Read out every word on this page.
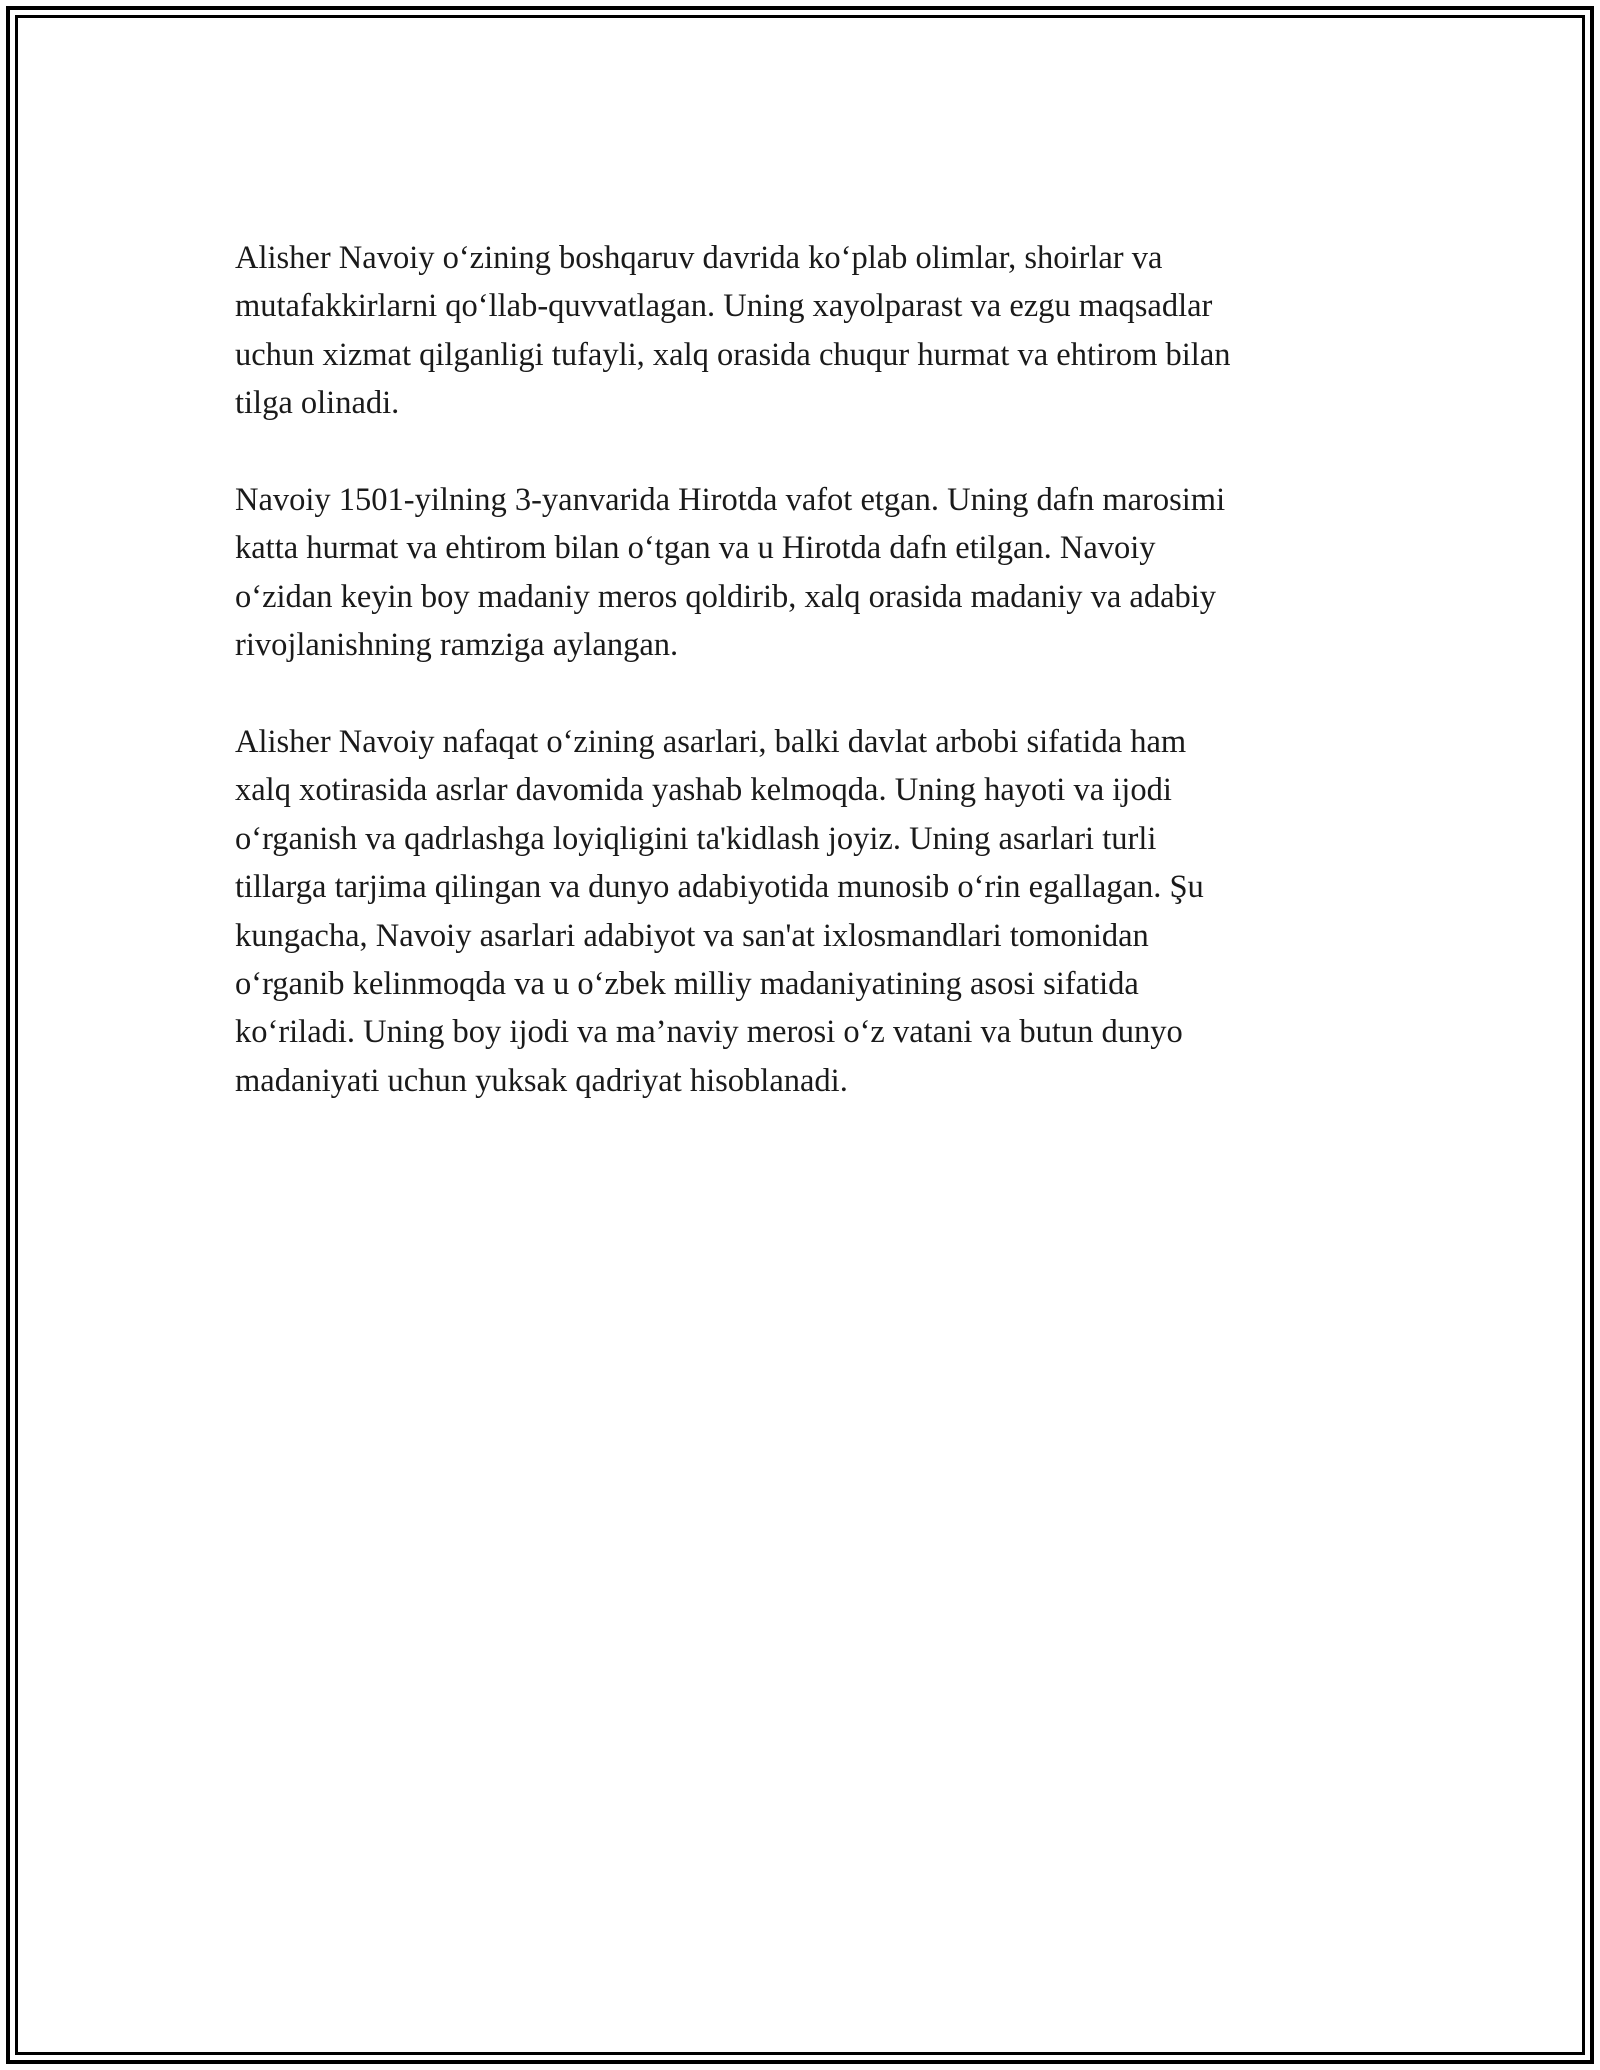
Alisher Navoiy o‘zining boshqaruv davrida ko‘plab olimlar, shoirlar va
mutafakkirlarni qo‘llab-quvvatlagan. Uning xayolparast va ezgu maqsadlar
uchun xizmat qilganligi tufayli, xalq orasida chuqur hurmat va ehtirom bilan
tilga olinadi.

Navoiy 1501-yilning 3-yanvarida Hirotda vafot etgan. Uning dafn marosimi
katta hurmat va ehtirom bilan o‘tgan va u Hirotda dafn etilgan. Navoiy
o‘zidan keyin boy madaniy meros qoldirib, xalq orasida madaniy va adabiy
rivojlanishning ramziga aylangan.

Alisher Navoiy nafaqat o‘zining asarlari, balki davlat arbobi sifatida ham
xalq xotirasida asrlar davomida yashab kelmoqda. Uning hayoti va ijodi
o‘rganish va qadrlashga loyiqligini ta'kidlash joyiz. Uning asarlari turli
tillarga tarjima qilingan va dunyo adabiyotida munosib o‘rin egallagan. Şu
kungacha, Navoiy asarlari adabiyot va san'at ixlosmandlari tomonidan
o‘rganib kelinmoqda va u o‘zbek milliy madaniyatining asosi sifatida
ko‘riladi. Uning boy ijodi va ma’naviy merosi o‘z vatani va butun dunyo
madaniyati uchun yuksak qadriyat hisoblanadi.
